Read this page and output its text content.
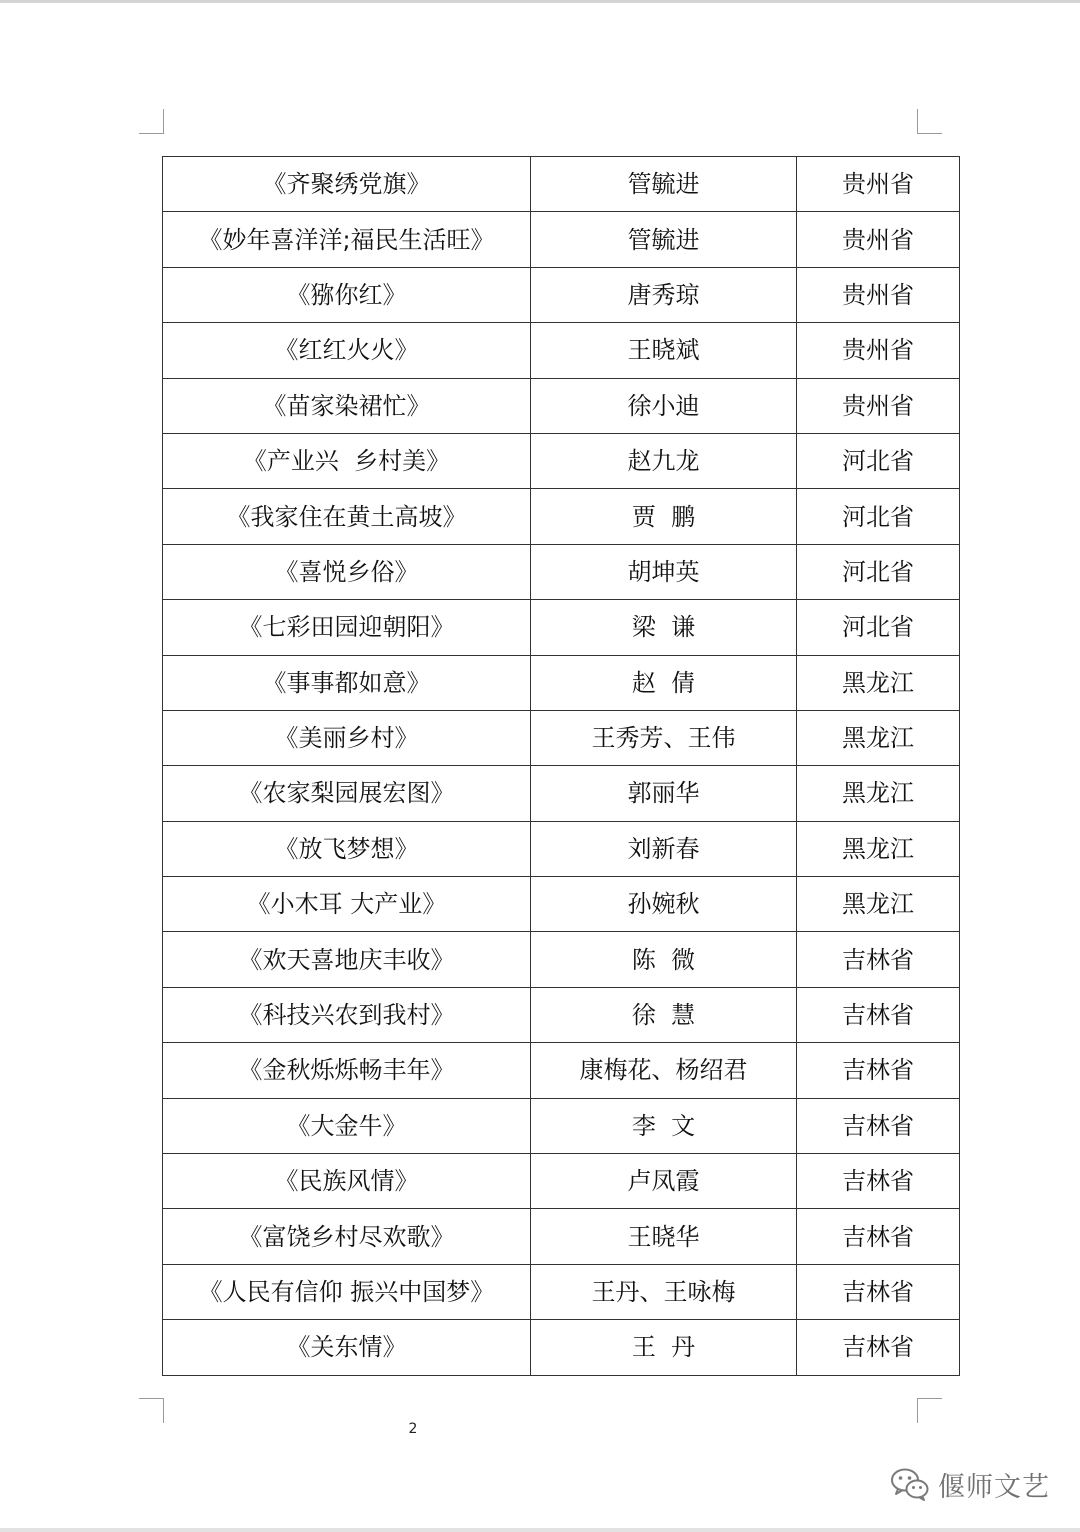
《齐聚绣党旗》	管毓进	贵州省
《妙年喜洋洋;福民生活旺》	管毓进	贵州省
《猕你红》	唐秀琼	贵州省
《红红火火》	王晓斌	贵州省
《苗家染裙忙》	徐小迪	贵州省
《产业兴  乡村美》	赵九龙	河北省
《我家住在黄土高坡》	贾  鹏	河北省
《喜悦乡俗》	胡坤英	河北省
《七彩田园迎朝阳》	梁  谦	河北省
《事事都如意》	赵  倩	黑龙江
《美丽乡村》	王秀芳、王伟	黑龙江
《农家梨园展宏图》	郭丽华	黑龙江
《放飞梦想》	刘新春	黑龙江
《小木耳 大产业》	孙婉秋	黑龙江
《欢天喜地庆丰收》	陈  微	吉林省
《科技兴农到我村》	徐  慧	吉林省
《金秋烁烁畅丰年》	康梅花、杨绍君	吉林省
《大金牛》	李  文	吉林省
《民族风情》	卢凤霞	吉林省
《富饶乡村尽欢歌》	王晓华	吉林省
《人民有信仰 振兴中国梦》	王丹、王咏梅	吉林省
《关东情》	王  丹	吉林省
2
偃师文艺
